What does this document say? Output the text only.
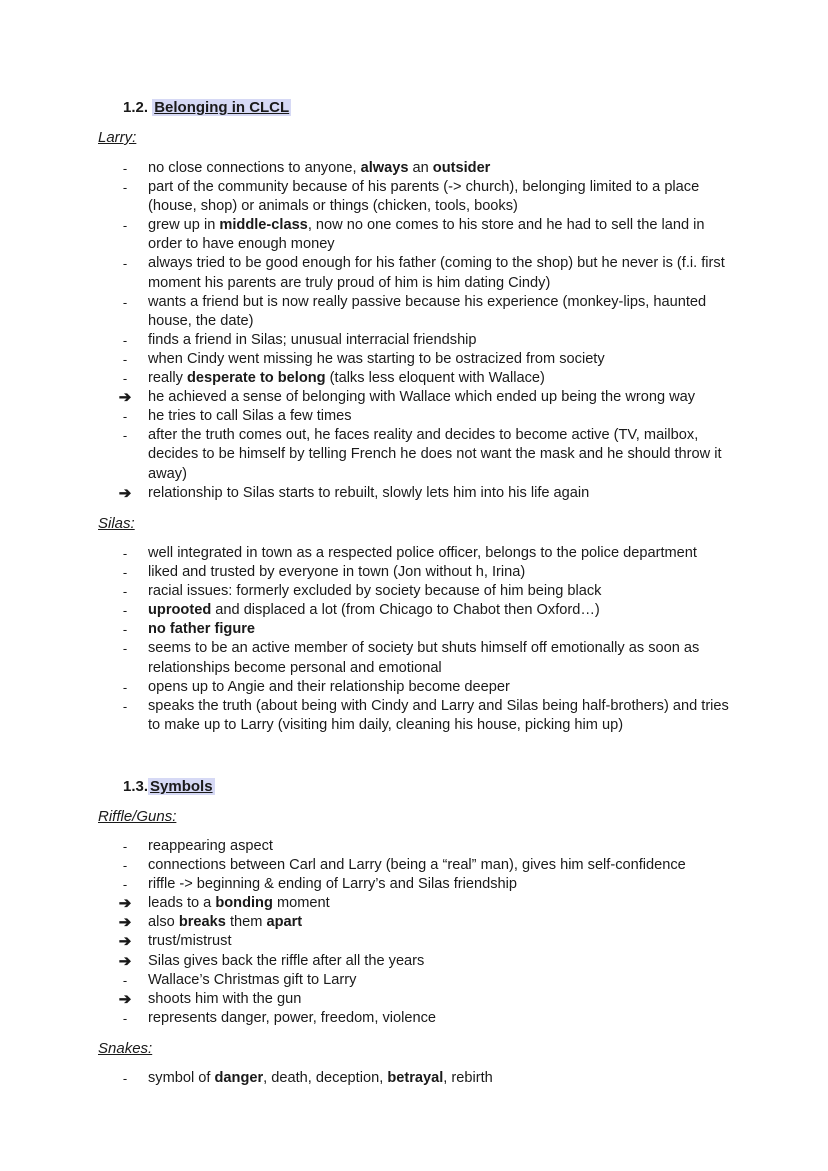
1.2. Belonging in CLCL
Larry:
-	no close connections to anyone, always an outsider
-	part of the community because of his parents (-> church), belonging limited to a place (house, shop) or animals or things (chicken, tools, books)
-	grew up in middle-class, now no one comes to his store and he had to sell the land in order to have enough money
-	always tried to be good enough for his father (coming to the shop) but he never is (f.i. first moment his parents are truly proud of him is him dating Cindy)
-	wants a friend but is now really passive because his experience (monkey-lips, haunted house, the date)
-	finds a friend in Silas; unusual interracial friendship
-	when Cindy went missing he was starting to be ostracized from society
-	really desperate to belong (talks less eloquent with Wallace)
➔ he achieved a sense of belonging with Wallace which ended up being the wrong way
-	he tries to call Silas a few times
-	after the truth comes out, he faces reality and decides to become active (TV, mailbox, decides to be himself by telling French he does not want the mask and he should throw it away)
➔ relationship to Silas starts to rebuilt, slowly lets him into his life again
Silas:
-	well integrated in town as a respected police officer, belongs to the police department
-	liked and trusted by everyone in town (Jon without h, Irina)
-	racial issues: formerly excluded by society because of him being black
-	uprooted and displaced a lot (from Chicago to Chabot then Oxford…)
-	no father figure
-	seems to be an active member of society but shuts himself off emotionally as soon as relationships become personal and emotional
-	opens up to Angie and their relationship become deeper
-	speaks the truth (about being with Cindy and Larry and Silas being half-brothers) and tries to make up to Larry (visiting him daily, cleaning his house, picking him up)
1.3. Symbols
Riffle/Guns:
-	reappearing aspect
-	connections between Carl and Larry (being a “real” man), gives him self-confidence
-	riffle -> beginning & ending of Larry’s and Silas friendship
➔ leads to a bonding moment
➔ also breaks them apart
➔ trust/mistrust
➔ Silas gives back the riffle after all the years
-	Wallace’s Christmas gift to Larry
➔ shoots him with the gun
-	represents danger, power, freedom, violence
Snakes:
-	symbol of danger, death, deception, betrayal, rebirth
